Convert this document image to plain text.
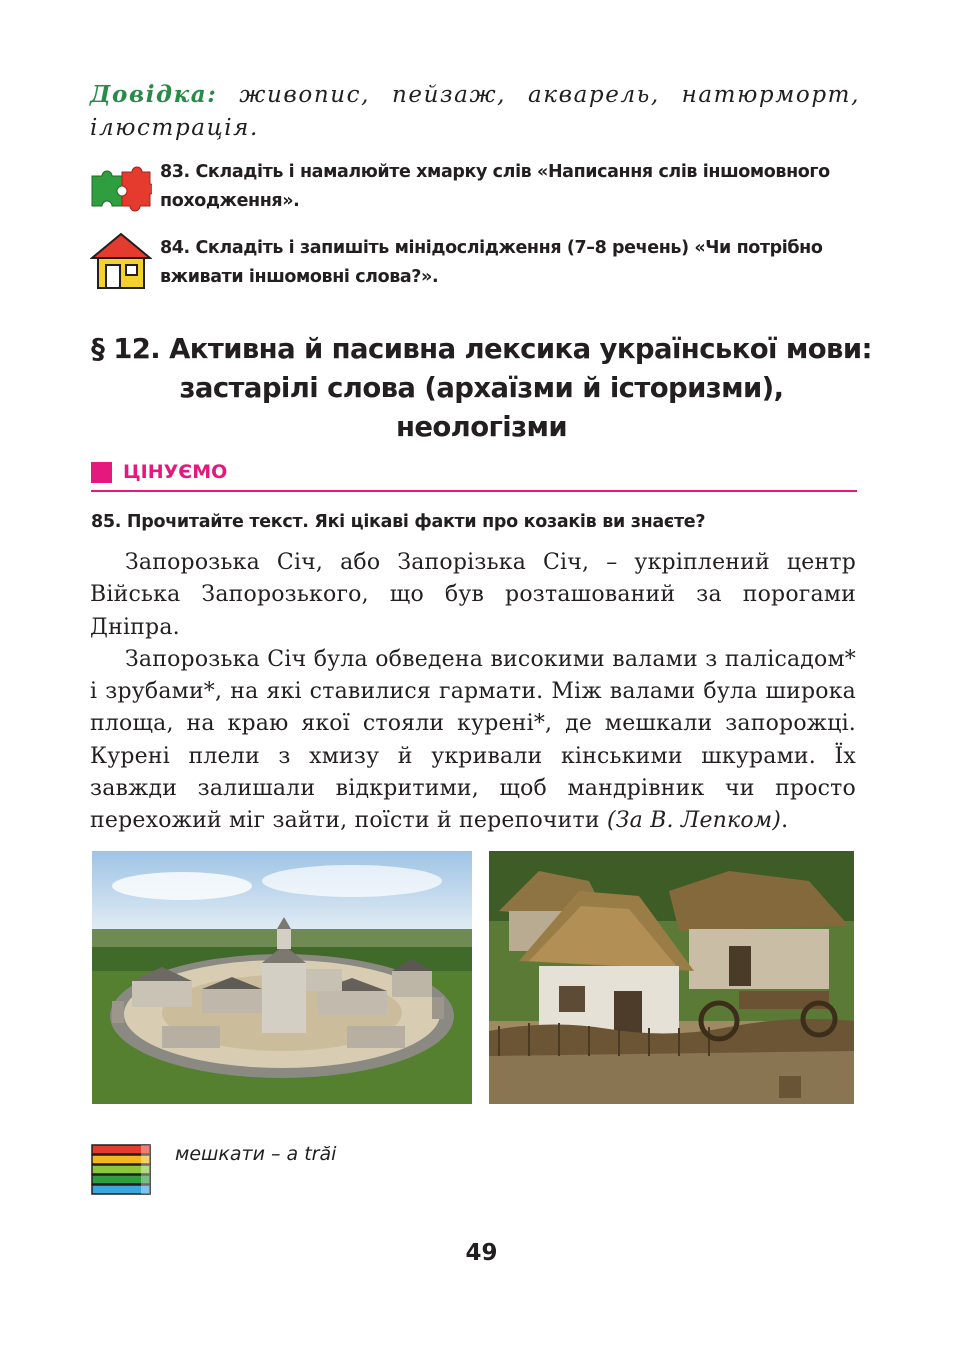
Довідка: живопис, пейзаж, акварель, натюрморт, ілюстрація.
83. Складіть і намалюйте хмарку слів «Написання слів іншомовного походження».
84. Складіть і запишіть мінідослідження (7–8 речень) «Чи потрібно вживати іншомовні слова?».
§ 12. Активна й пасивна лексика української мови:
застарілі слова (архаїзми й історизми),
неологізми
ЦІНУЄМО
85. Прочитайте текст. Які цікаві факти про козаків ви знаєте?

Запорозька Січ, або Запорізька Січ, – укріплений центр Війська Запорозького, що був розташований за порогами Дніпра.

Запорозька Січ була обведена високими валами з палісадом* і зрубами*, на які ставилися гармати. Між валами була широка площа, на краю якої стояли курені*, де мешкали запорожці. Курені плели з хмизу й укривали кінськими шкурами. Їх завжди залишали відкритими, щоб мандрівник чи просто перехожий міг зайти, поїсти й перепочити (За В. Лепком).

мешкати – a trăi
49
